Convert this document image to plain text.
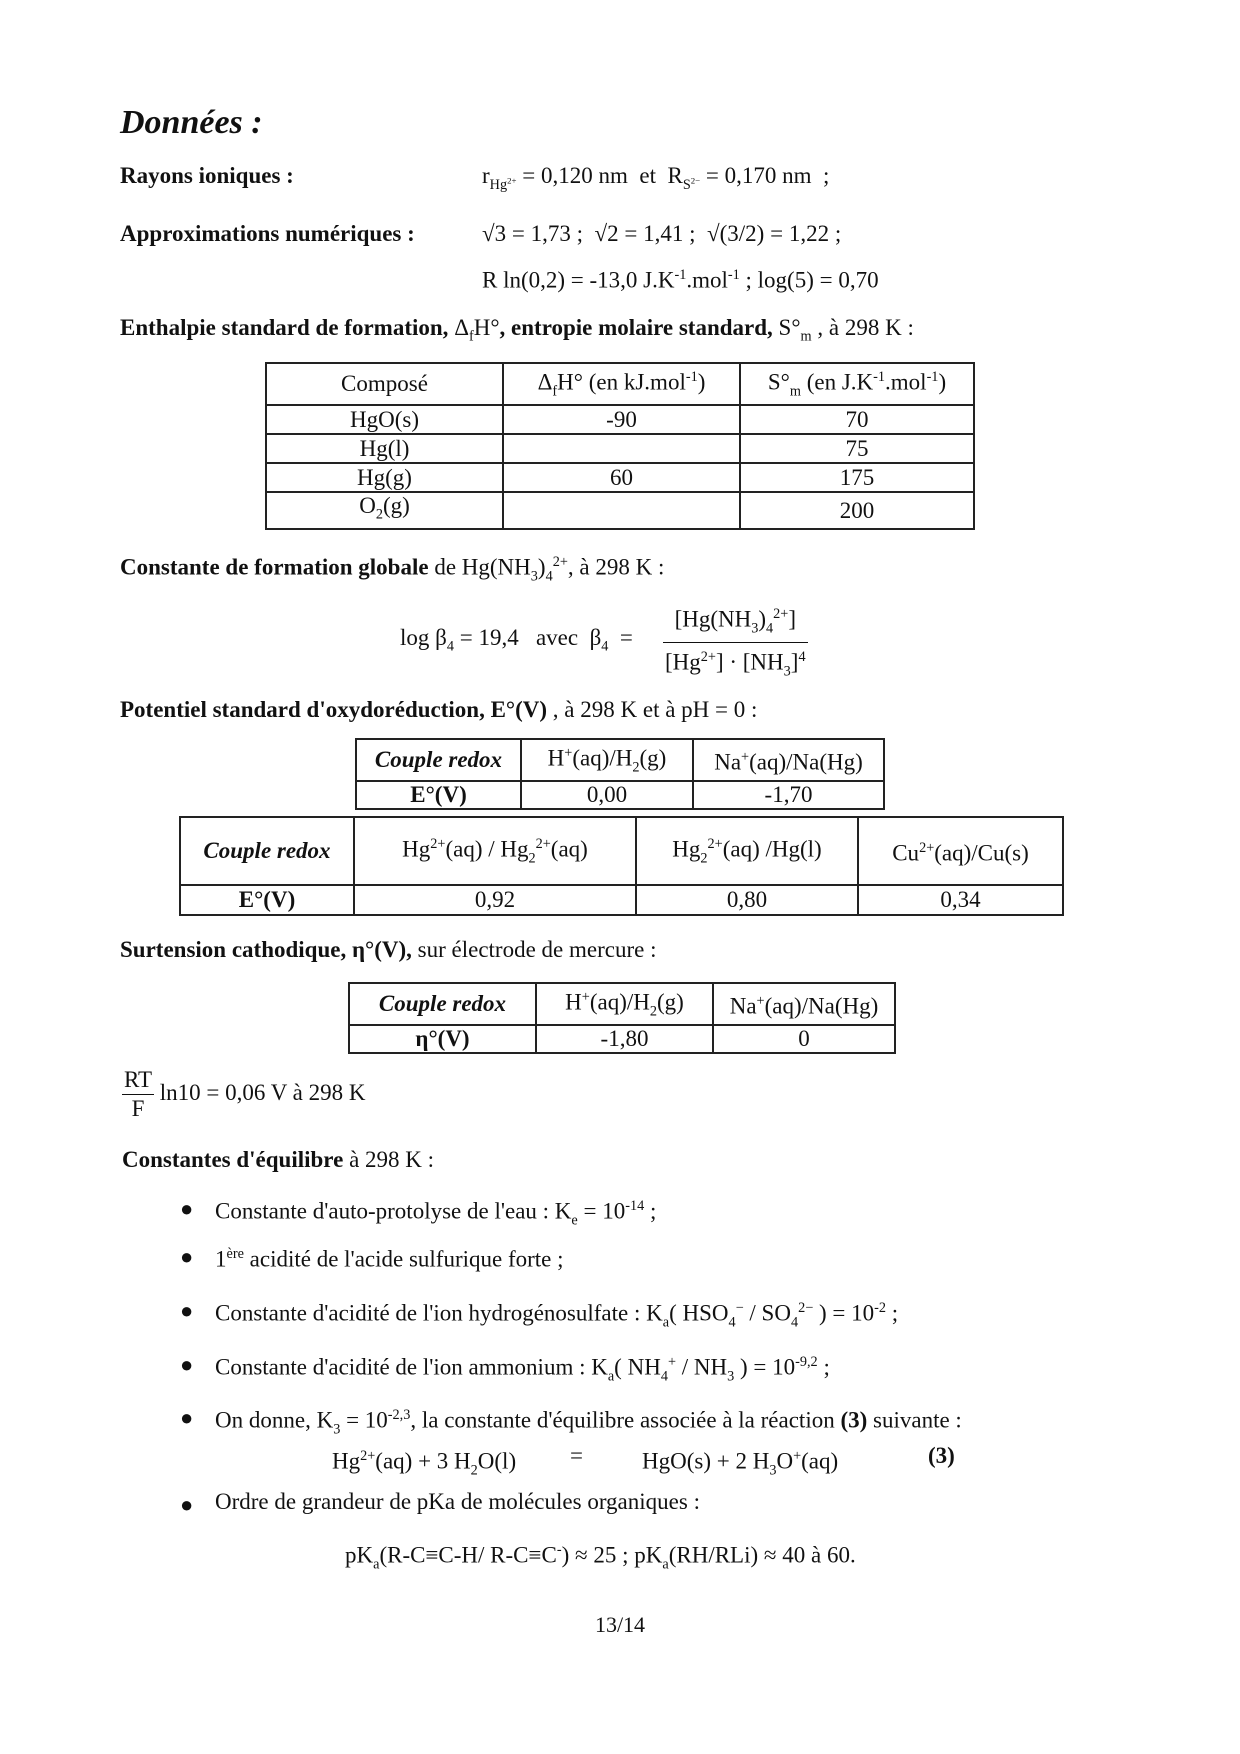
Données :
Rayons ioniques :	$r_{Hg^{2+}} = 0,120$ nm  et  $R_{S^{2-}} = 0,170$ nm  ;
Approximations numériques :	√3 = 1,73 ; √2 = 1,41 ; √(3/2) = 1,22 ;
R ln(0,2) = -13,0 $J.K^{-1}.mol^{-1}$ ; log(5) = 0,70
Enthalpie standard de formation, $\Delta_fH^\circ$, entropie molaire standard, $S^\circ_m$ , à 298 K :
Composé	$\Delta_fH^\circ$ (en kJ.mol$^{-1}$)	$S^\circ_m$ (en $J.K^{-1}.mol^{-1}$)
HgO(s)	-90	70
Hg(l)		75
Hg(g)	60	175
$O_2(g)$		200
Constante de formation globale de $Hg(NH_3)_4^{2+}$, à 298 K :
$\log \beta_4 = 19,4$   avec  $\beta_4 = \frac{[Hg(NH_3)_4^{2+}]}{[Hg^{2+}] \cdot [NH_3]^4}$
Potentiel standard d'oxydoréduction, E°(V) , à 298 K et à pH = 0 :
Couple redox	$H^+(aq)/H_2(g)$	Na+(aq)/Na(Hg)
E°(V)	0,00	-1,70
Couple redox	$Hg^{2+}(aq) / Hg_2^{2+}(aq)$	$Hg_2^{2+}(aq)$ /Hg(l)	$Cu^{2+}(aq)/Cu(s)$
E°(V)	0,92	0,80	0,34
Surtension cathodique, η°(V), sur électrode de mercure :
Couple redox	$H^+(aq)/H_2(g)$	Na+(aq)/Na(Hg)
η°(V)	-1,80	0
$\frac{RT}{F} \ln 10 = 0,06$ V à 298 K
Constantes d'équilibre à 298 K :
● Constante d'auto-protolyse de l'eau : $K_e = 10^{-14}$ ;
● 1ère acidité de l'acide sulfurique forte ;
● Constante d'acidité de l'ion hydrogénosulfate : $K_a$( $HSO_4^- / SO_4^{2-}$ ) = $10^{-2}$ ;
● Constante d'acidité de l'ion ammonium : $K_a$( $NH_4^+ / NH_3$ ) = $10^{-9,2}$ ;
● On donne, $K_3 = 10^{-2,3}$, la constante d'équilibre associée à la réaction (3) suivante :
$Hg^{2+}(aq) + 3$ $H_2O(l)$ =	HgO(s) + 2 $H_3O^+(aq)$	(3)
● Ordre de grandeur de pKa de molécules organiques :
$pK_a(R-C\equiv C-H/$ R-C≡C-) ≈ 25 ; $pK_a(RH/RLi) \approx 40$ à 60.
13/14
